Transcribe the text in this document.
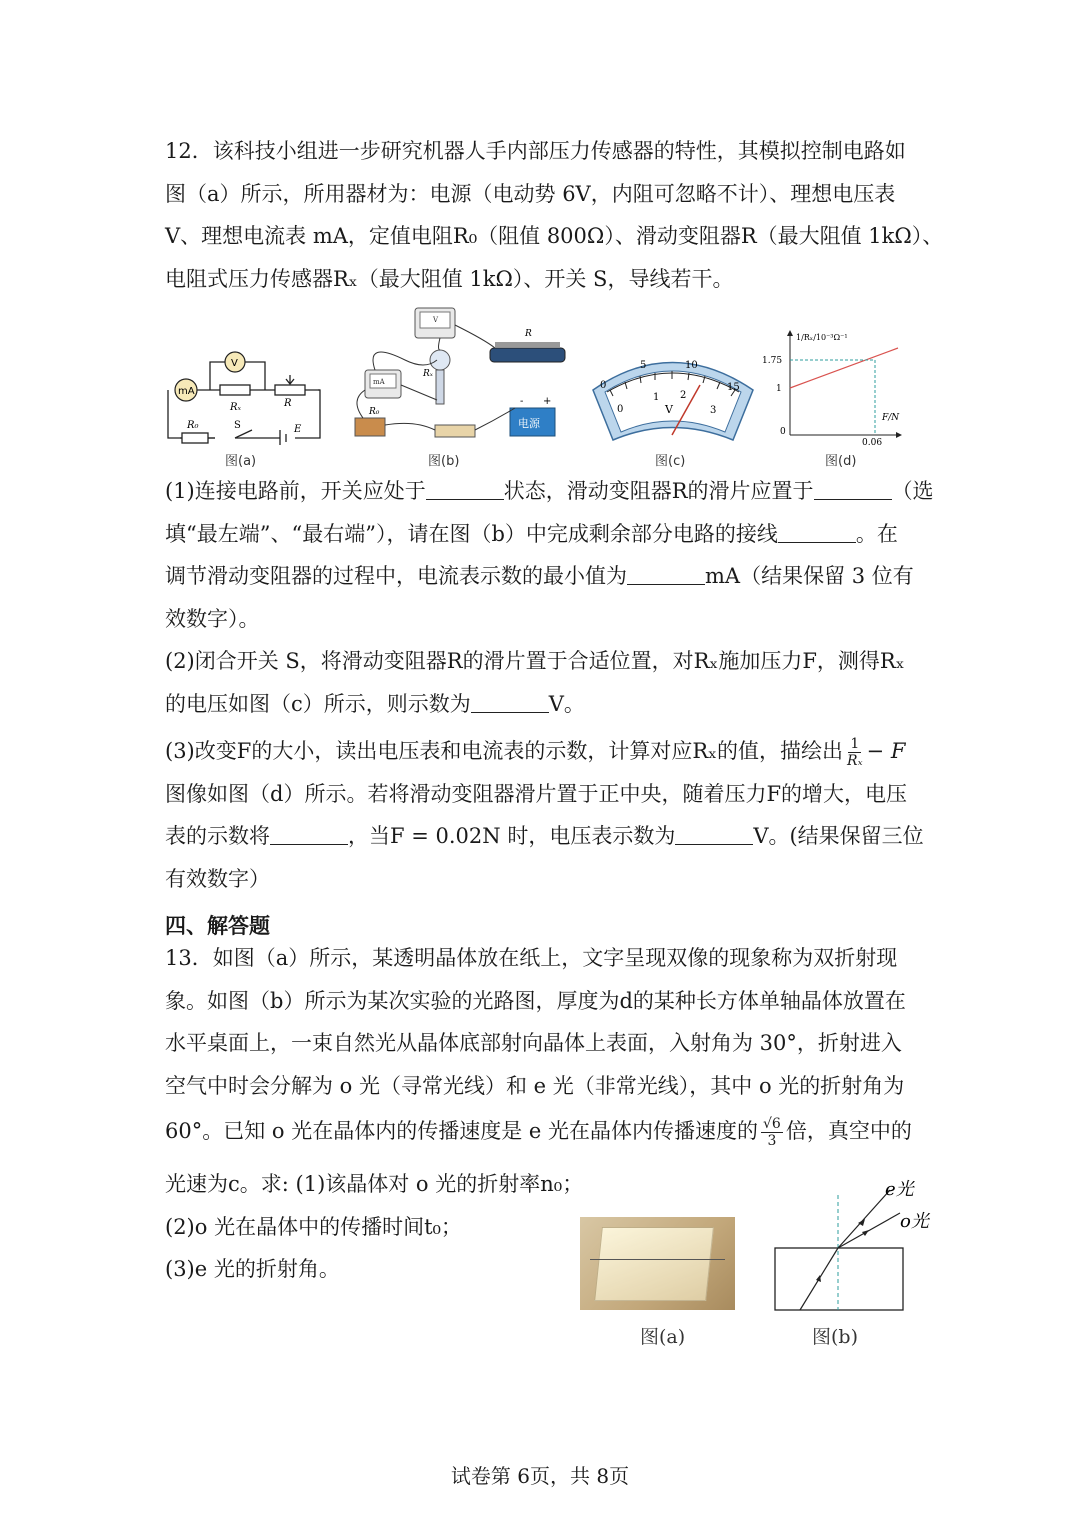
12．该科技小组进一步研究机器人手内部压力传感器的特性，其模拟控制电路如
图（a）所示，所用器材为：电源（电动势 6V，内阻可忽略不计）、理想电压表
V、理想电流表 mA，定值电阻R₀（阻值 800Ω）、滑动变阻器R（最大阻值 1kΩ）、
电阻式压力传感器Rₓ（最大阻值 1kΩ）、开关 S，导线若干。
mA
V
Rₓ	R
R₀	S	E
图(a)
V
mA
Rₓ
R
R₀
电源
- +
图(b)
0
5	10
15
0
1 2
3
V
图(c)
1/Rₓ/10⁻³Ω⁻¹
1.75
1
0
F/N
0.06
图(d)
(1)连接电路前，开关应处于	状态，滑动变阻器R的滑片应置于	（选
填“最左端”、“最右端”），请在图（b）中完成剩余部分电路的接线	。在
调节滑动变阻器的过程中，电流表示数的最小值为	mA（结果保留 3 位有
效数字）。
(2)闭合开关 S，将滑动变阻器R的滑片置于合适位置，对Rₓ施加压力F，测得Rₓ
的电压如图（c）所示，则示数为	V。
(3)改变F的大小，读出电压表和电流表的示数，计算对应Rₓ的值，描绘出 $\frac{1}{\text{Rₓ}} - F$
图像如图（d）所示。若将滑动变阻器滑片置于正中央，随着压力F的增大，电压
表的示数将	，当F = 0.02N 时，电压表示数为	V。(结果保留三位
有效数字）
四、解答题
13．如图（a）所示，某透明晶体放在纸上，文字呈现双像的现象称为双折射现
象。如图（b）所示为某次实验的光路图，厚度为d的某种长方体单轴晶体放置在
水平桌面上，一束自然光从晶体底部射向晶体上表面，入射角为 30°，折射进入
空气中时会分解为 o 光（寻常光线）和 e 光（非常光线），其中 o 光的折射角为
60°。已知 o 光在晶体内的传播速度是 e 光在晶体内传播速度的 $\frac{√6}{3}$ 倍，真空中的
光速为c。求: (1)该晶体对 o 光的折射率n₀；
(2)o 光在晶体中的传播时间t₀；
(3)e 光的折射角。
图(a)
e光
o光
图(b)
试卷第 6页，共 8页
